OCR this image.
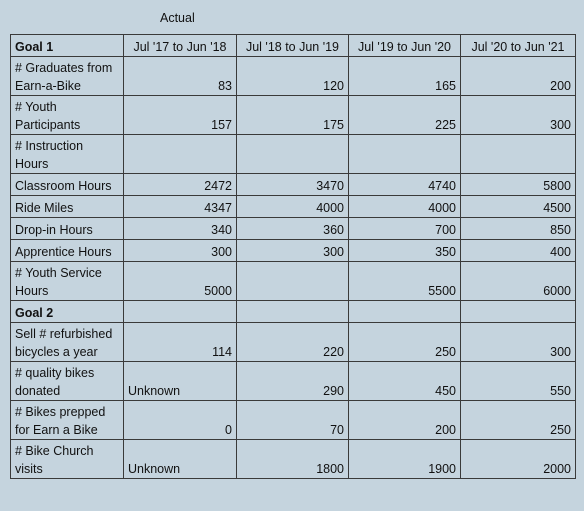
Actual
Goal 1	Jul '17 to Jun '18	Jul '18 to Jun '19	Jul '19 to Jun '20	Jul '20 to Jun '21
# Graduates from Earn-a-Bike	83	120	165	200
# Youth Participants	157	175	225	300
# Instruction Hours				
Classroom Hours	2472	3470	4740	5800
Ride Miles	4347	4000	4000	4500
Drop-in Hours	340	360	700	850
Apprentice Hours	300	300	350	400
# Youth Service Hours	5000		5500	6000
Goal 2				
Sell # refurbished bicycles a year	114	220	250	300
# quality bikes donated	Unknown	290	450	550
# Bikes prepped for Earn a Bike	0	70	200	250
# Bike Church visits	Unknown	1800	1900	2000
